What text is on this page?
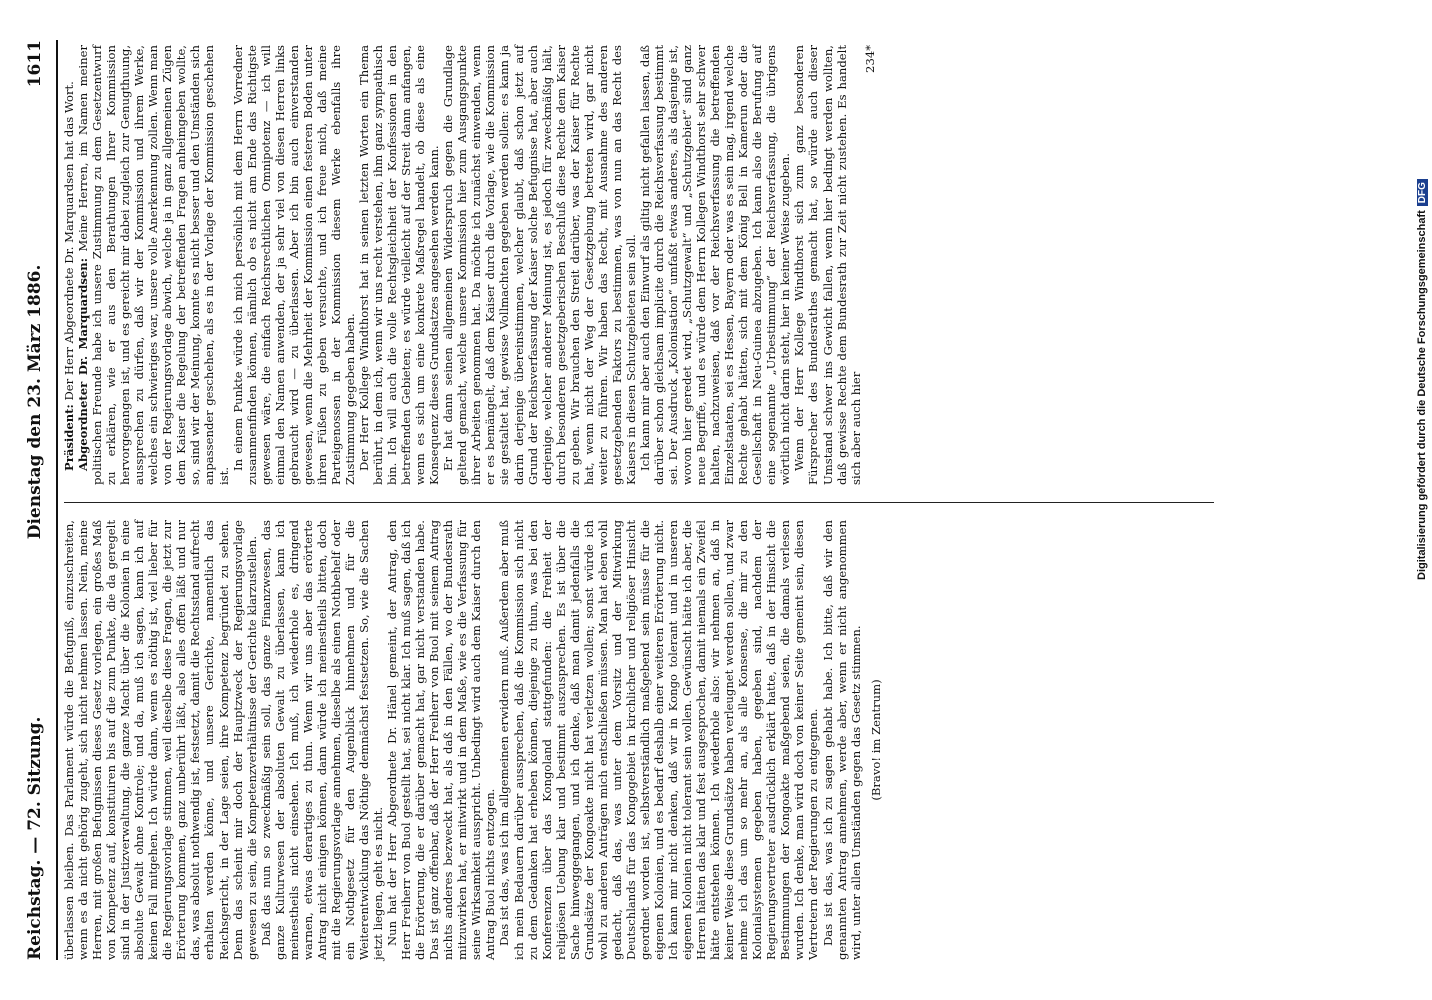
Reichstag. — 72. Sitzung.
Dienstag den 23. März 1886.
1611

überlassen bleiben. Das Parlament würde die Befugniß, einzuschreiten, wenn es da nicht gehörig zugeht, sich nicht nehmen lassen. Nein, meine Herren, mit großen Befugnissen dieses Gesetz vorlegen, ein großes Maß von Kompetenz auf, konstituiren bis auf die zum Punkte, die da geregelt sind in der Justizverwaltung, die ganze Macht über die Kolonien in eine absolute Gewalt ohne Kontrole; und da, muß ich sagen, kann ich auf keinen Fall mitgehen. Ich würde dann, wenn es nöthig ist, viel lieber für die Regierungsvorlage stimmen, weil dieselbe diese Fragen, die jetzt zur Erörterung kommen, ganz unberührt läßt, also alles offen läßt und nur das, was absolut nothwendig ist, festsetzt, damit die Rechtsstand aufrecht erhalten werden könne, und unsere Gerichte, namentlich das Reichsgericht, in der Lage seien, ihre Kompetenz begründet zu sehen. Denn das scheint mir doch der Hauptzweck der Regierungsvorlage gewesen zu sein, die Kompetenzverhältnisse der Gerichte klarzustellen. Daß das nun so zweckmäßig sein soll, das ganze Finanzwesen, das ganze Kulturwesen der absoluten Gewalt zu überlassen, kann ich meinestheils nicht einsehen. Ich muß, ich wiederhole es, dringend warnen, etwas derartiges zu thun. Wenn wir uns aber das erörterte Antrag nicht einigen können, dann würde ich meinestheils bitten, doch mit die Regierungsvorlage annehmen, dieselbe als einen Nothbehelf oder ein Nothgesetz für den Augenblick hinnehmen und für die Weiterentwicklung das Nöthige demnächst festsetzen. So, wie die Sachen jetzt liegen, geht es nicht. Nun hat der Herr Abgeordnete Dr. Hänel gemeint, der Antrag, den Herr Freiherr von Buol gestellt hat, sei nicht klar. Ich muß sagen, daß ich die Erörterung, die er darüber gemacht hat, gar nicht verstanden habe. Das ist ganz offenbar, daß der Herr Freiherr von Buol mit seinem Antrag nichts anderes bezweckt hat, als daß in den Fällen, wo der Bundesrath mitzuwirken hat, er mitwirkt und in dem Maße, wie es die Verfassung für seine Wirksamkeit ausspricht. Unbedingt wird auch dem Kaiser durch den Antrag Buol nichts entzogen. Das ist das, was ich im allgemeinen erwidern muß. Außerdem aber muß ich mein Bedauern darüber aussprechen, daß die Kommission sich nicht zu dem Gedanken hat erheben können, diejenige zu thun, was bei den Konferenzen über das Kongoland stattgefunden: die Freiheit der religiösen Uebung klar und bestimmt auszusprechen. Es ist über die Sache hinweggegangen, und ich denke, daß man damit jedenfalls die Grundsätze der Kongoakte nicht hat verletzen wollen; sonst würde ich wohl zu anderen Anträgen mich entschließen müssen. Man hat eben wohl gedacht, daß das, was unter dem Vorsitz und der Mitwirkung Deutschlands für das Kongogebiet in kirchlicher und religiöser Hinsicht geordnet worden ist, selbstverständlich maßgebend sein müsse für die eigenen Kolonien, und es bedarf deshalb einer weiteren Erörterung nicht. Ich kann mir nicht denken, daß wir in Kongo tolerant und in unseren eigenen Kolonien nicht tolerant sein wollen. Gewünscht hätte ich aber, die Herren hätten das klar und fest ausgesprochen, damit niemals ein Zweifel hätte entstehen können. Ich wiederhole also: wir nehmen an, daß in keiner Weise diese Grundsätze haben verleugnet werden sollen, und zwar nehme ich das um so mehr an, als alle Konsense, die mir zu den Kolonialsystemen gegeben haben, gegeben sind, nachdem der Regierungsvertreter ausdrücklich erklärt hatte, daß in der Hinsicht die Bestimmungen der Kongoakte maßgebend seien, die damals verlesen wurden. Ich denke, man wird doch von keiner Seite gemeint sein, diesen Vertretern der Regierungen zu entgegnen. Das ist das, was ich zu sagen gehabt habe. Ich bitte, daß wir den genannten Antrag annehmen, werde aber, wenn er nicht angenommen wird, unter allen Umständen gegen das Gesetz stimmen. (Bravo! im Zentrum)

Präsident: Der Herr Abgeordnete Dr. Marquardsen hat das Wort. Abgeordneter Dr. Marquardsen: Meine Herren, im Namen meiner politischen Freunde habe ich unsere Zustimmung zu dem Gesetzentwurf zu erklären, wie er aus den Berathungen Ihrer Kommission hervorgegangen ist, und es gereicht mir dabei zugleich zur Genugthuung, aussprechen zu dürfen, daß wir der Kommission und ihrem Werke, welches ein schwieriges war, unsere volle Anerkennung zollen. Wenn man von der Regierungsvorlage abwich, welche ja in ganz allgemeinen Zügen dem Kaiser die Regelung der betreffenden Fragen anheimgeben wollte, so, sind wir der Meinung, konnte es nicht besser und den Umständen sich anpassender geschehen, als es in der Vorlage der Kommission geschehen ist.

In einem Punkte würde ich mich persönlich mit dem Herrn Vorredner zusammenfinden können, nämlich ob es nicht am Ende das Richtigste gewesen wäre, die einfach Reichsrechtlichen Omnipotenz — ich will einmal den Namen anwenden, der ja sehr viel von diesen Herren links gebraucht wird — zu überlassen. Aber ich bin auch einverstanden gewesen, wenn die Mehrheit der Kommission einen festeren Boden unter ihren Füßen zu geben versuchte, und ich freue mich, daß meine Parteigenossen in der Kommission diesem Werke ebenfalls ihre Zustimmung gegeben haben. Der Herr Kollege Windthorst hat in seinen letzten Worten ein Thema berührt, in dem ich, wenn wir uns recht verstehen, ihm ganz sympathisch bin. Ich will auch die volle Rechtsgleichheit der Konfessionen in den betreffenden Gebieten; es würde vielleicht auf der Streit dann anfangen, wenn es sich um eine konkrete Maßregel handelt, ob diese als eine Konsequenz dieses Grundsatzes angesehen werden kann. Er hat dann seinen allgemeinen Widerspruch gegen die Grundlage geltend gemacht, welche unsere Kommission hier zum Ausgangspunkte ihrer Arbeiten genommen hat. Da möchte ich zunächst einwenden, wenn er es bemängelt, daß dem Kaiser durch die Vorlage, wie die Kommission sie gestaltet hat, gewisse Vollmachten gegeben werden sollen: es kann ja darin derjenige übereinstimmen, welcher glaubt, daß schon jetzt auf Grund der Reichsverfassung der Kaiser solche Befugnisse hat, aber auch derjenige, welcher anderer Meinung ist, es jedoch für zweckmäßig hält, durch besonderen gesetzgeberischen Beschluß diese Rechte dem Kaiser zu geben. Wir brauchen den Streit darüber, was der Kaiser für Rechte hat, wenn nicht der Weg der Gesetzgebung betreten wird, gar nicht weiter zu führen. Wir haben das Recht, mit Ausnahme des anderen gesetzgebenden Faktors zu bestimmen, was von nun an das Recht des Kaisers in diesen Schutzgebieten sein soll. Ich kann mir aber auch den Einwurf als giltig nicht gefallen lassen, daß darüber schon gleichsam implicite durch die Reichsverfassung bestimmt sei. Der Ausdruck „Kolonisation“ umfaßt etwas anderes, als dasjenige ist, wovon hier geredet wird, „Schutzgewalt“ und „Schutzgebiet“ sind ganz neue Begriffe, und es würde dem Herrn Kollegen Windthorst sehr schwer halten, nachzuweisen, daß vor der Reichsverfassung die betreffenden Einzelstaaten, sei es Hessen, Bayern oder was es sein mag, irgend welche Rechte gehabt hätten, sich mit dem König Bell in Kamerun oder die Gesellschaft in Neu-Guinea abzugeben. Ich kann also die Berufung auf eine sogenannte „Urbestimmung“ der Reichsverfassung, die übrigens wörtlich nicht darin steht, hier in keiner Weise zugeben. Wenn der Herr Kollege Windthorst sich zum ganz besonderen Fürsprecher des Bundesrathes gemacht hat, so würde auch dieser Umstand schwer ins Gewicht fallen, wenn hier bedingt werden wollten, daß gewisse Rechte dem Bundesrath zur Zeit nicht zustehen. Es handelt sich aber auch hier

234*

Digitalisierung gefördert durch die Deutsche ForschungsgemeinschaftDFG
